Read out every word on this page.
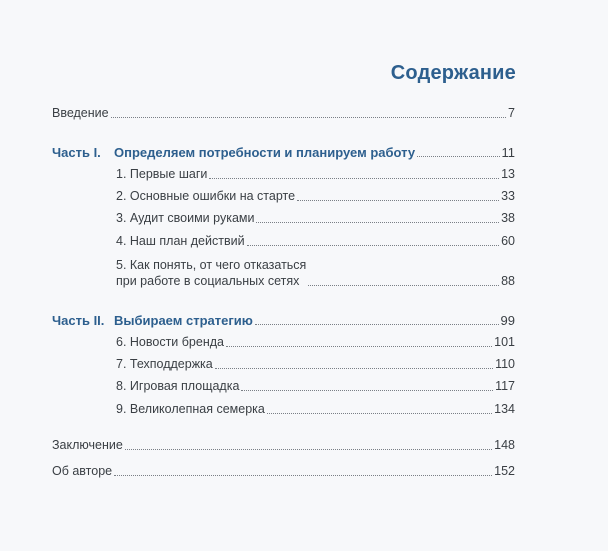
Содержание
Введение	7
Часть I. Определяем потребности и планируем работу	11
1. Первые шаги	13
2. Основные ошибки на старте	33
3. Аудит своими руками	38
4. Наш план действий	60
5. Как понять, от чего отказаться
при работе в социальных сетях	88
Часть II. Выбираем стратегию	99
6. Новости бренда	101
7. Техподдержка	110
8. Игровая площадка	117
9. Великолепная семерка	134
Заключение	148
Об авторе	152
